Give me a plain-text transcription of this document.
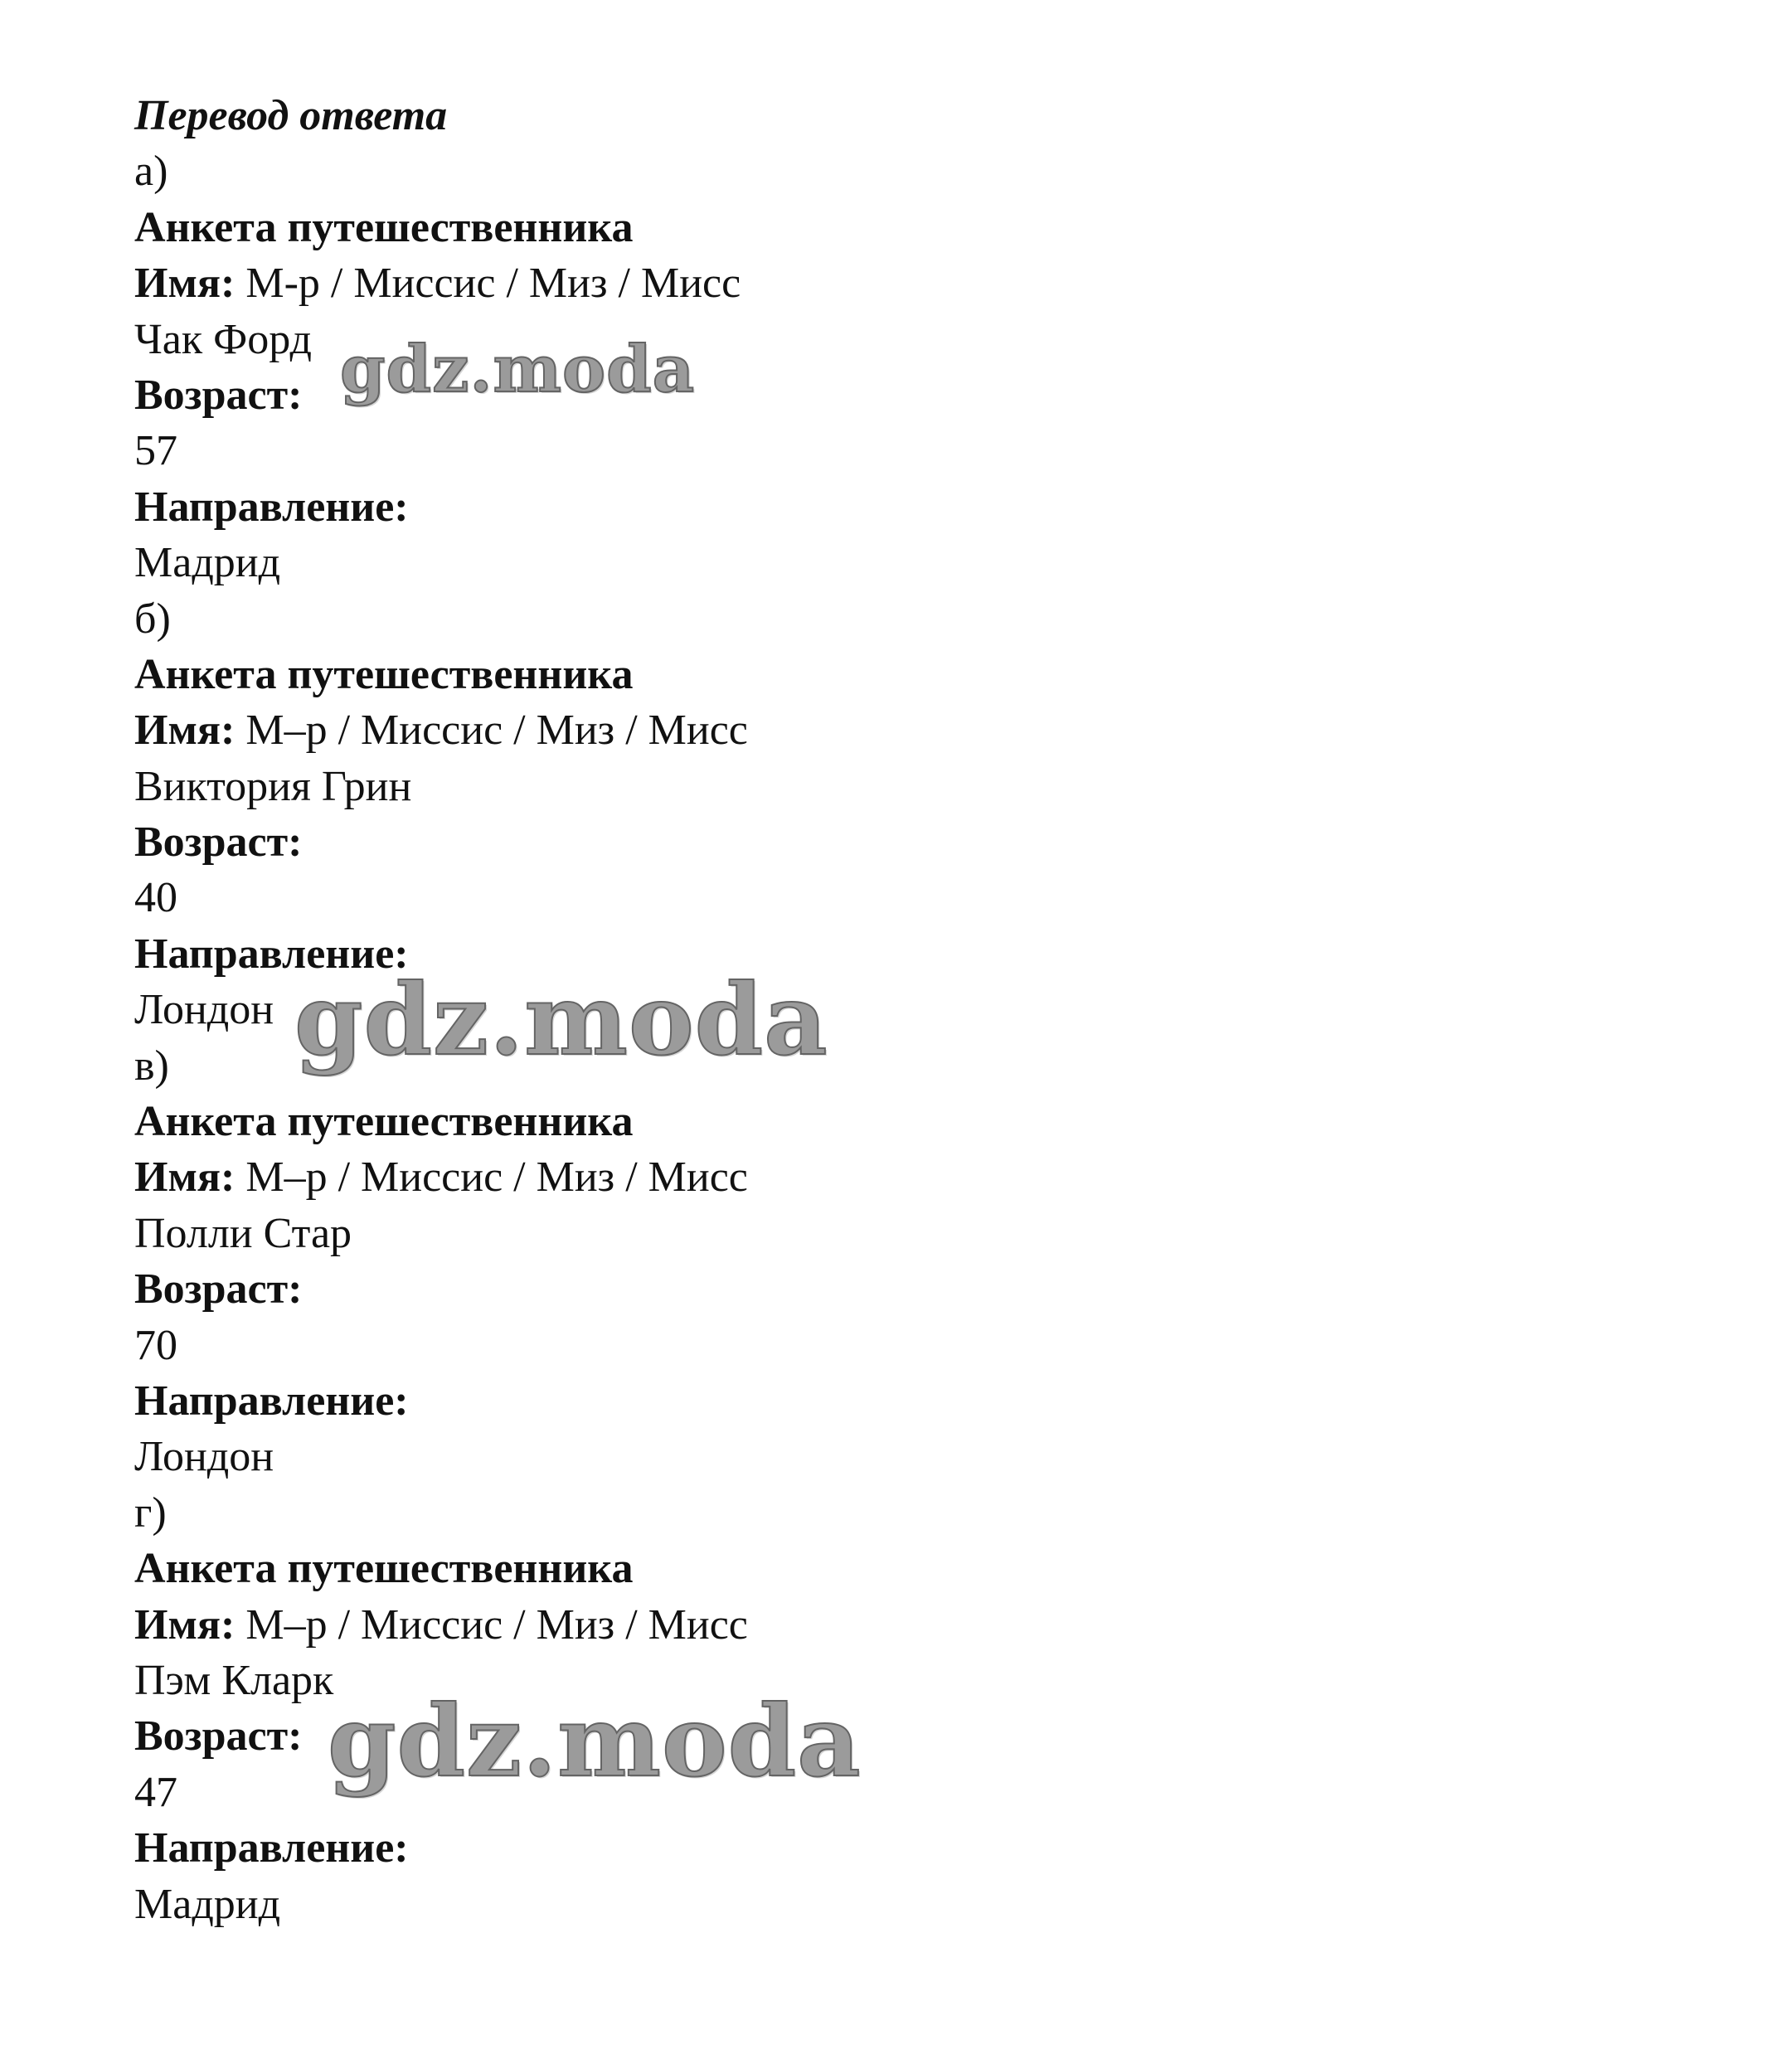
Перевод ответа
а)
Анкета путешественника
Имя: М-р / Миссис / Миз / Мисс
Чак Форд
Возраст:
57
Направление:
Мадрид
б)
Анкета путешественника
Имя: М–р / Миссис / Миз / Мисс
Виктория Грин
Возраст:
40
Направление:
Лондон
в)
Анкета путешественника
Имя: М–р / Миссис / Миз / Мисс
Полли Стар
Возраст:
70
Направление:
Лондон
г)
Анкета путешественника
Имя: М–р / Миссис / Миз / Мисс
Пэм Кларк
Возраст:
47
Направление:
Мадрид
gdz.moda
gdz.moda
gdz.moda
